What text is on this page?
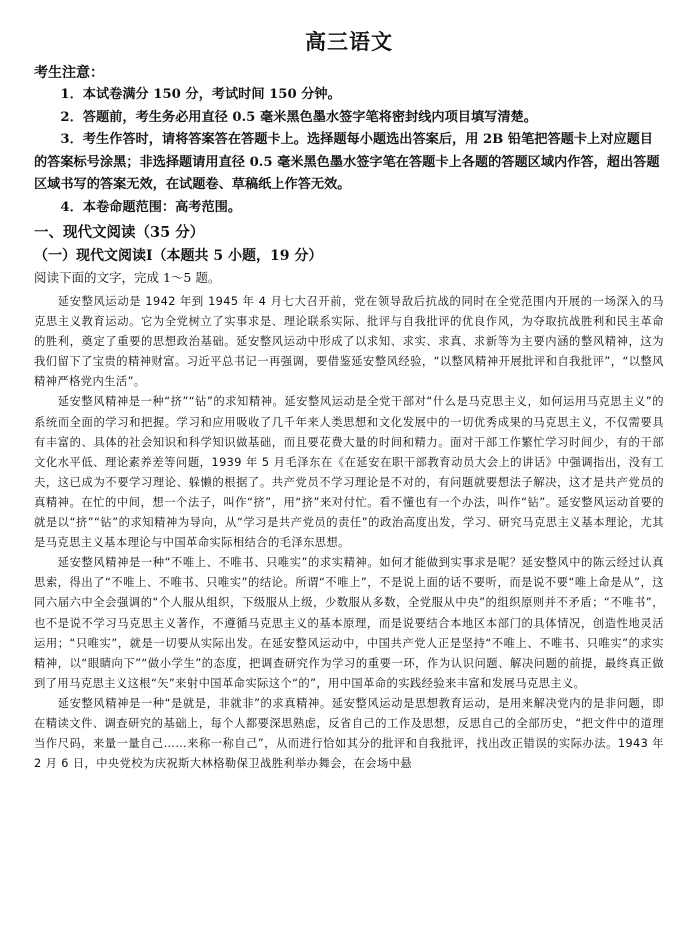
高三语文
考生注意：
1．本试卷满分 150 分，考试时间 150 分钟。
2．答题前，考生务必用直径 0.5 毫米黑色墨水签字笔将密封线内项目填写清楚。
3．考生作答时，请将答案答在答题卡上。选择题每小题选出答案后，用 2B 铅笔把答题卡上对应题目的答案标号涂黑；非选择题请用直径 0.5 毫米黑色墨水签字笔在答题卡上各题的答题区域内作答，超出答题区域书写的答案无效，在试题卷、草稿纸上作答无效。
4．本卷命题范围：高考范围。
一、现代文阅读（35 分）
（一）现代文阅读Ⅰ（本题共 5 小题，19 分）
阅读下面的文字，完成 1～5 题。

延安整风运动是 1942 年到 1945 年 4 月七大召开前，党在领导敌后抗战的同时在全党范围内开展的一场深入的马克思主义教育运动。它为全党树立了实事求是、理论联系实际、批评与自我批评的优良作风，为夺取抗战胜利和民主革命的胜利，奠定了重要的思想政治基础。延安整风运动中形成了以求知、求实、求真、求新等为主要内涵的整风精神，这为我们留下了宝贵的精神财富。习近平总书记一再强调，要借鉴延安整风经验，“以整风精神开展批评和自我批评”，“以整风精神严格党内生活”。

延安整风精神是一种“挤”“钻”的求知精神。延安整风运动是全党干部对“什么是马克思主义，如何运用马克思主义”的系统而全面的学习和把握。学习和应用吸收了几千年来人类思想和文化发展中的一切优秀成果的马克思主义，不仅需要具有丰富的、具体的社会知识和科学知识做基础，而且要花费大量的时间和精力。面对干部工作繁忙学习时间少，有的干部文化水平低、理论素养差等问题，1939 年 5 月毛泽东在《在延安在职干部教育动员大会上的讲话》中强调指出，没有工夫，这已成为不要学习理论、躲懒的根据了。共产党员不学习理论是不对的，有问题就要想法子解决，这才是共产党员的真精神。在忙的中间，想一个法子，叫作“挤”，用“挤”来对付忙。看不懂也有一个办法，叫作“钻”。延安整风运动首要的就是以“挤”“钻”的求知精神为导向，从“学习是共产党员的责任”的政治高度出发，学习、研究马克思主义基本理论，尤其是马克思主义基本理论与中国革命实际相结合的毛泽东思想。

延安整风精神是一种“不唯上、不唯书、只唯实”的求实精神。如何才能做到实事求是呢？延安整风中的陈云经过认真思索，得出了“不唯上、不唯书、只唯实”的结论。所谓“不唯上”，不是说上面的话不要听，而是说不要“唯上命是从”，这同六届六中全会强调的“个人服从组织，下级服从上级，少数服从多数，全党服从中央”的组织原则并不矛盾；“不唯书”，也不是说不学习马克思主义著作，不遵循马克思主义的基本原理，而是说要结合本地区本部门的具体情况，创造性地灵活运用；“只唯实”，就是一切要从实际出发。在延安整风运动中，中国共产党人正是坚持“不唯上、不唯书、只唯实”的求实精神，以“眼睛向下”“做小学生”的态度，把调查研究作为学习的重要一环，作为认识问题、解决问题的前提，最终真正做到了用马克思主义这根“矢”来射中国革命实际这个“的”，用中国革命的实践经验来丰富和发展马克思主义。

延安整风精神是一种“是就是，非就非”的求真精神。延安整风运动是思想教育运动，是用来解决党内的是非问题，即在精读文件、调查研究的基础上，每个人都要深思熟虑，反省自己的工作及思想，反思自己的全部历史，“把文件中的道理当作尺码，来量一量自己……来称一称自己”，从而进行恰如其分的批评和自我批评，找出改正错误的实际办法。1943 年 2 月 6 日，中央党校为庆祝斯大林格勒保卫战胜利举办舞会，在会场中悬
